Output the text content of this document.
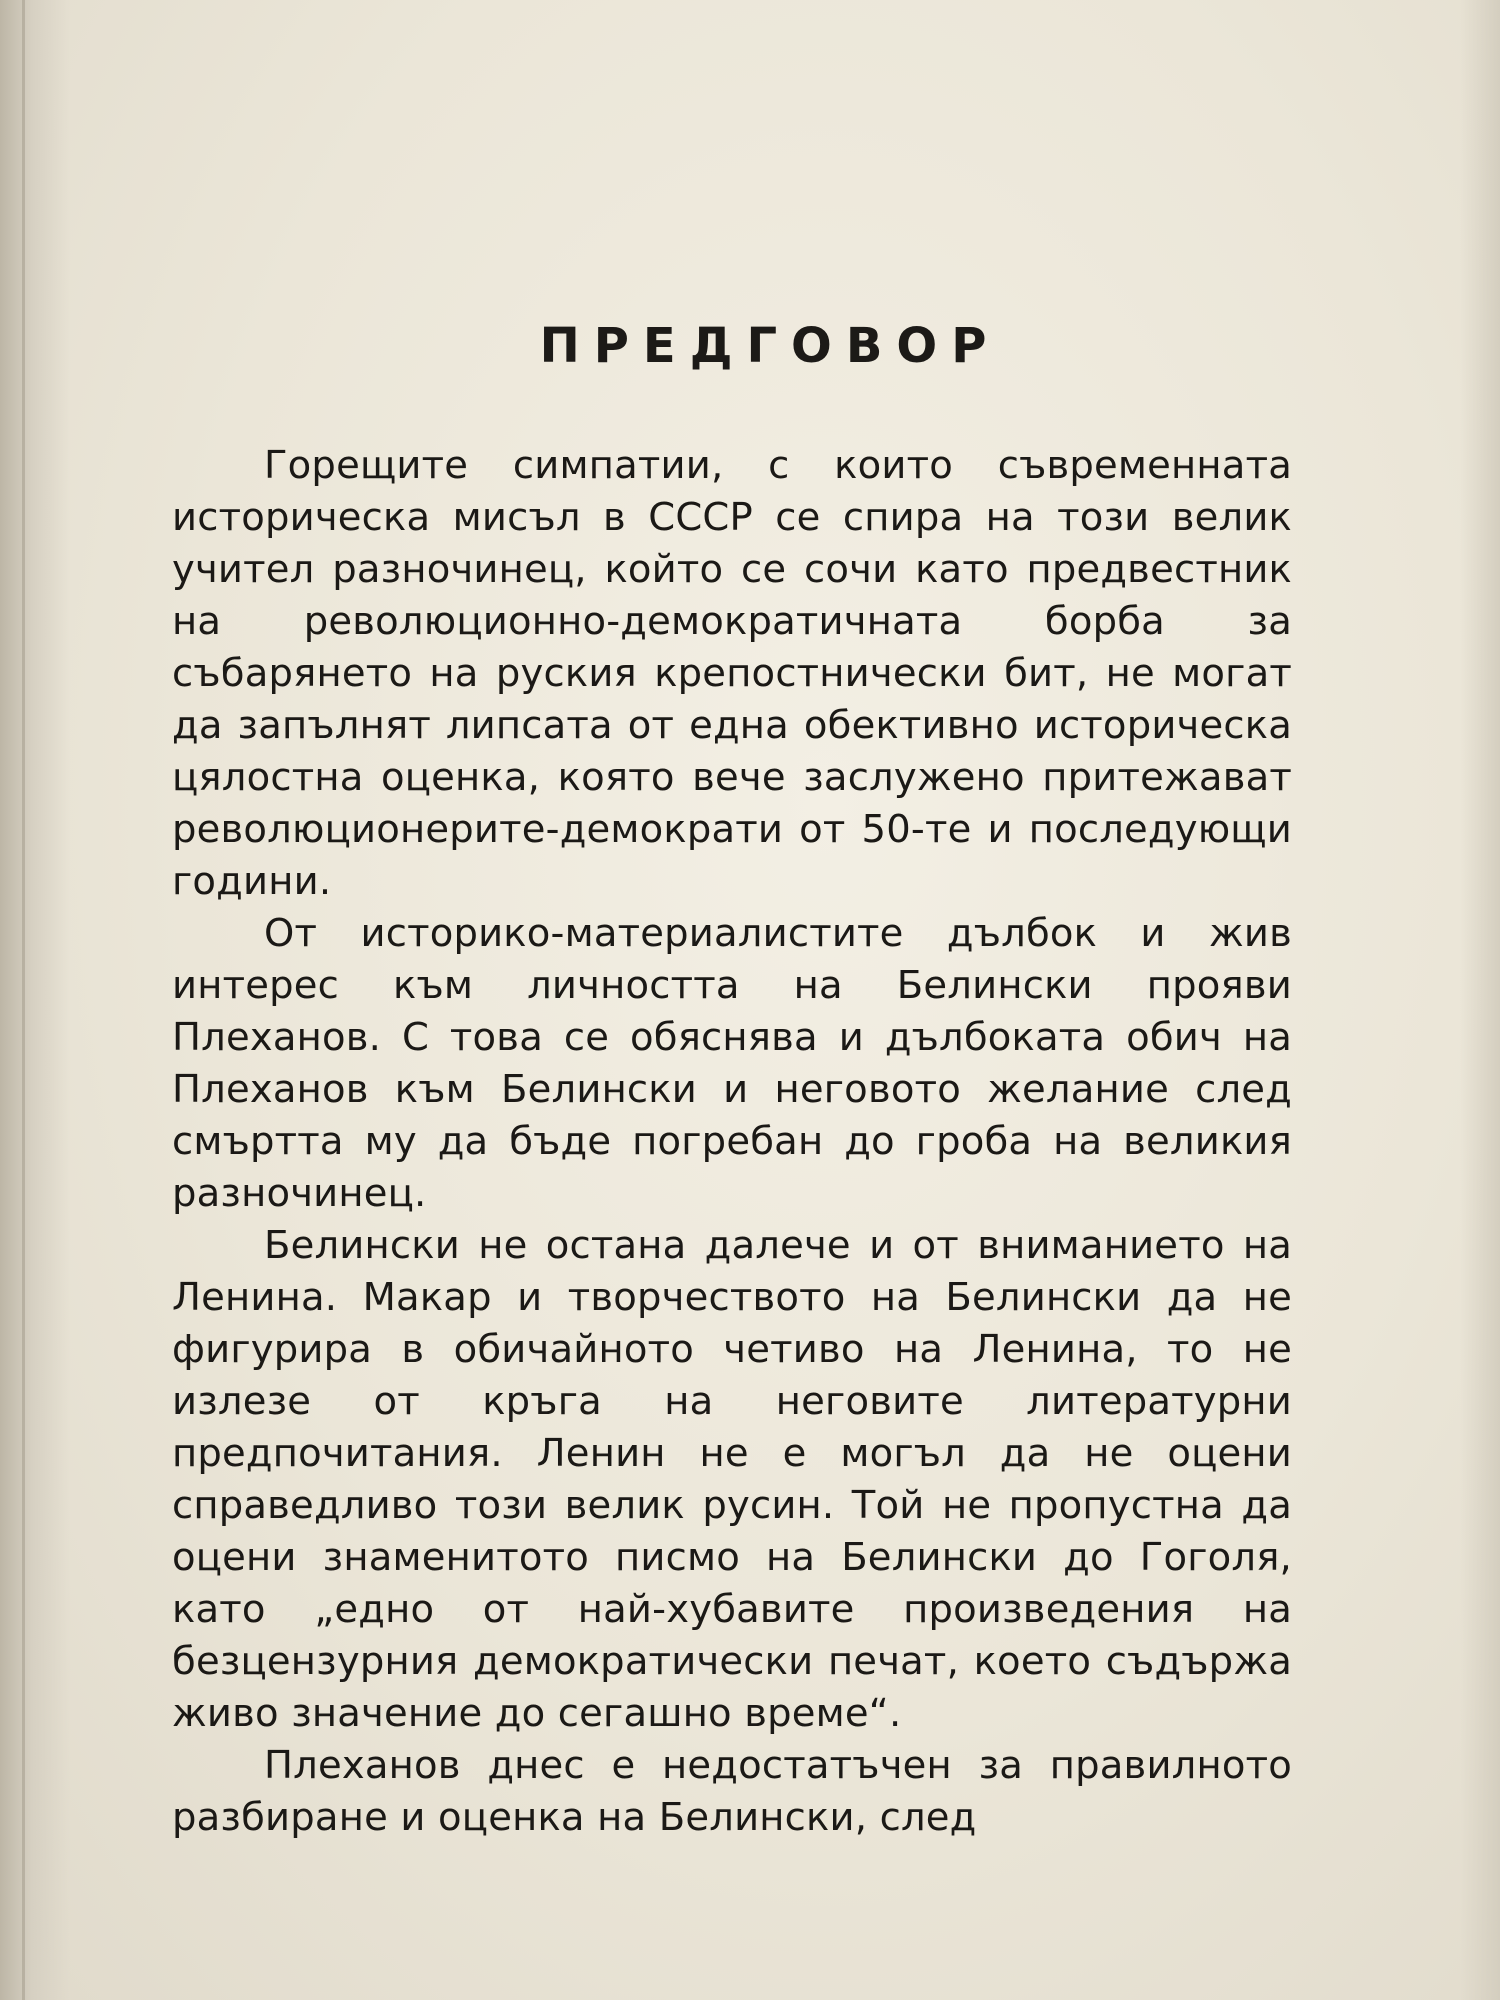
ПРЕДГОВОР

Горещите симпатии, с които съвременната историческа мисъл в СССР се спира на този велик учител разночинец, който се сочи като предвестник на революционно-демократичната борба за събарянето на руския крепостнически бит, не могат да запълнят липсата от една обективно историческа цялостна оценка, която вече заслужено притежават революционерите-демократи от 50-те и последующи години.

От историко-материалистите дълбок и жив интерес към личността на Белински прояви Плеханов. С това се обяснява и дълбоката обич на Плеханов към Белински и неговото желание след смъртта му да бъде погребан до гроба на великия разночинец.

Белински не остана далече и от вниманието на Ленина. Макар и творчеството на Белински да не фигурира в обичайното четиво на Ленина, то не излезе от кръга на неговите литературни предпочитания. Ленин не е могъл да не оцени справедливо този велик русин. Той не пропустна да оцени знаменитото писмо на Белински до Гоголя, като „едно от най-хубавите произведения на безцензурния демократически печат, което съдържа живо значение до сегашно време“.

Плеханов днес е недостатъчен за правилното разбиране и оценка на Белински, след
